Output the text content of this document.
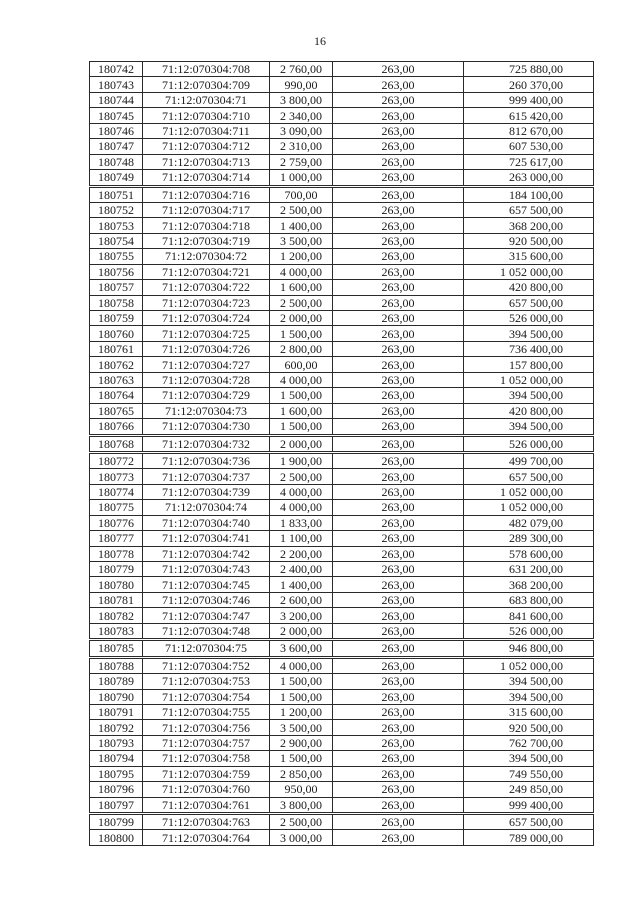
16
180742	71:12:070304:708	2 760,00	263,00	725 880,00
180743	71:12:070304:709	990,00	263,00	260 370,00
180744	71:12:070304:71	3 800,00	263,00	999 400,00
180745	71:12:070304:710	2 340,00	263,00	615 420,00
180746	71:12:070304:711	3 090,00	263,00	812 670,00
180747	71:12:070304:712	2 310,00	263,00	607 530,00
180748	71:12:070304:713	2 759,00	263,00	725 617,00
180749	71:12:070304:714	1 000,00	263,00	263 000,00
180751	71:12:070304:716	700,00	263,00	184 100,00
180752	71:12:070304:717	2 500,00	263,00	657 500,00
180753	71:12:070304:718	1 400,00	263,00	368 200,00
180754	71:12:070304:719	3 500,00	263,00	920 500,00
180755	71:12:070304:72	1 200,00	263,00	315 600,00
180756	71:12:070304:721	4 000,00	263,00	1 052 000,00
180757	71:12:070304:722	1 600,00	263,00	420 800,00
180758	71:12:070304:723	2 500,00	263,00	657 500,00
180759	71:12:070304:724	2 000,00	263,00	526 000,00
180760	71:12:070304:725	1 500,00	263,00	394 500,00
180761	71:12:070304:726	2 800,00	263,00	736 400,00
180762	71:12:070304:727	600,00	263,00	157 800,00
180763	71:12:070304:728	4 000,00	263,00	1 052 000,00
180764	71:12:070304:729	1 500,00	263,00	394 500,00
180765	71:12:070304:73	1 600,00	263,00	420 800,00
180766	71:12:070304:730	1 500,00	263,00	394 500,00
180768	71:12:070304:732	2 000,00	263,00	526 000,00
180772	71:12:070304:736	1 900,00	263,00	499 700,00
180773	71:12:070304:737	2 500,00	263,00	657 500,00
180774	71:12:070304:739	4 000,00	263,00	1 052 000,00
180775	71:12:070304:74	4 000,00	263,00	1 052 000,00
180776	71:12:070304:740	1 833,00	263,00	482 079,00
180777	71:12:070304:741	1 100,00	263,00	289 300,00
180778	71:12:070304:742	2 200,00	263,00	578 600,00
180779	71:12:070304:743	2 400,00	263,00	631 200,00
180780	71:12:070304:745	1 400,00	263,00	368 200,00
180781	71:12:070304:746	2 600,00	263,00	683 800,00
180782	71:12:070304:747	3 200,00	263,00	841 600,00
180783	71:12:070304:748	2 000,00	263,00	526 000,00
180785	71:12:070304:75	3 600,00	263,00	946 800,00
180788	71:12:070304:752	4 000,00	263,00	1 052 000,00
180789	71:12:070304:753	1 500,00	263,00	394 500,00
180790	71:12:070304:754	1 500,00	263,00	394 500,00
180791	71:12:070304:755	1 200,00	263,00	315 600,00
180792	71:12:070304:756	3 500,00	263,00	920 500,00
180793	71:12:070304:757	2 900,00	263,00	762 700,00
180794	71:12:070304:758	1 500,00	263,00	394 500,00
180795	71:12:070304:759	2 850,00	263,00	749 550,00
180796	71:12:070304:760	950,00	263,00	249 850,00
180797	71:12:070304:761	3 800,00	263,00	999 400,00
180799	71:12:070304:763	2 500,00	263,00	657 500,00
180800	71:12:070304:764	3 000,00	263,00	789 000,00
